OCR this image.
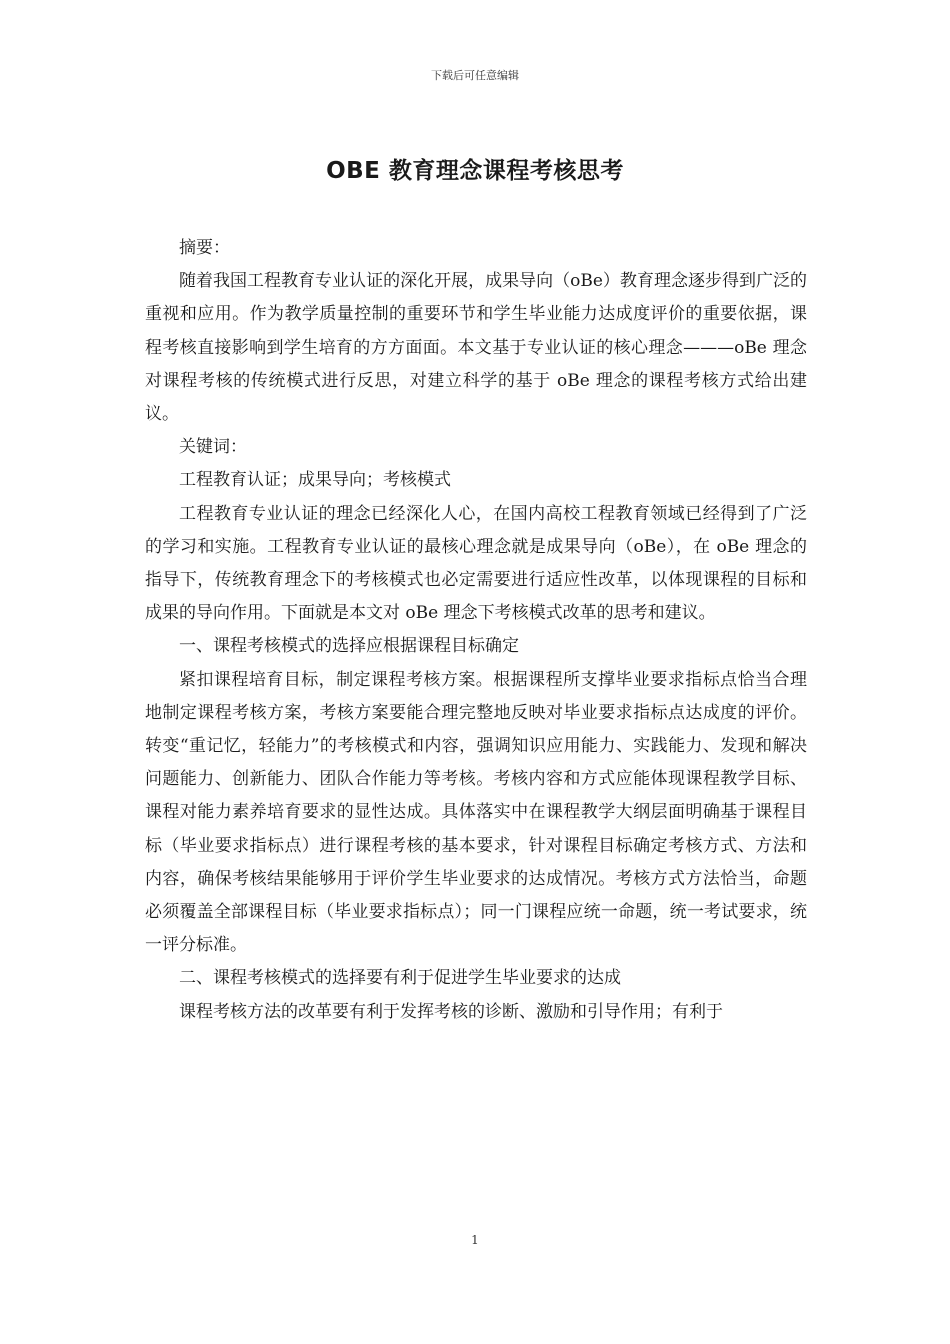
下载后可任意编辑
OBE 教育理念课程考核思考

摘要：

随着我国工程教育专业认证的深化开展，成果导向（oBe）教育理念逐步得到广泛的重视和应用。作为教学质量控制的重要环节和学生毕业能力达成度评价的重要依据，课程考核直接影响到学生培育的方方面面。本文基于专业认证的核心理念———oBe 理念对课程考核的传统模式进行反思，对建立科学的基于 oBe 理念的课程考核方式给出建议。

关键词：

工程教育认证；成果导向；考核模式

工程教育专业认证的理念已经深化人心，在国内高校工程教育领域已经得到了广泛的学习和实施。工程教育专业认证的最核心理念就是成果导向（oBe），在 oBe 理念的指导下，传统教育理念下的考核模式也必定需要进行适应性改革，以体现课程的目标和成果的导向作用。下面就是本文对 oBe 理念下考核模式改革的思考和建议。

一、课程考核模式的选择应根据课程目标确定

紧扣课程培育目标，制定课程考核方案。根据课程所支撑毕业要求指标点恰当合理地制定课程考核方案，考核方案要能合理完整地反映对毕业要求指标点达成度的评价。转变“重记忆，轻能力”的考核模式和内容，强调知识应用能力、实践能力、发现和解决问题能力、创新能力、团队合作能力等考核。考核内容和方式应能体现课程教学目标、课程对能力素养培育要求的显性达成。具体落实中在课程教学大纲层面明确基于课程目标（毕业要求指标点）进行课程考核的基本要求，针对课程目标确定考核方式、方法和内容，确保考核结果能够用于评价学生毕业要求的达成情况。考核方式方法恰当，命题必须覆盖全部课程目标（毕业要求指标点）；同一门课程应统一命题，统一考试要求，统一评分标准。

二、课程考核模式的选择要有利于促进学生毕业要求的达成

课程考核方法的改革要有利于发挥考核的诊断、激励和引导作用；有利于

1
